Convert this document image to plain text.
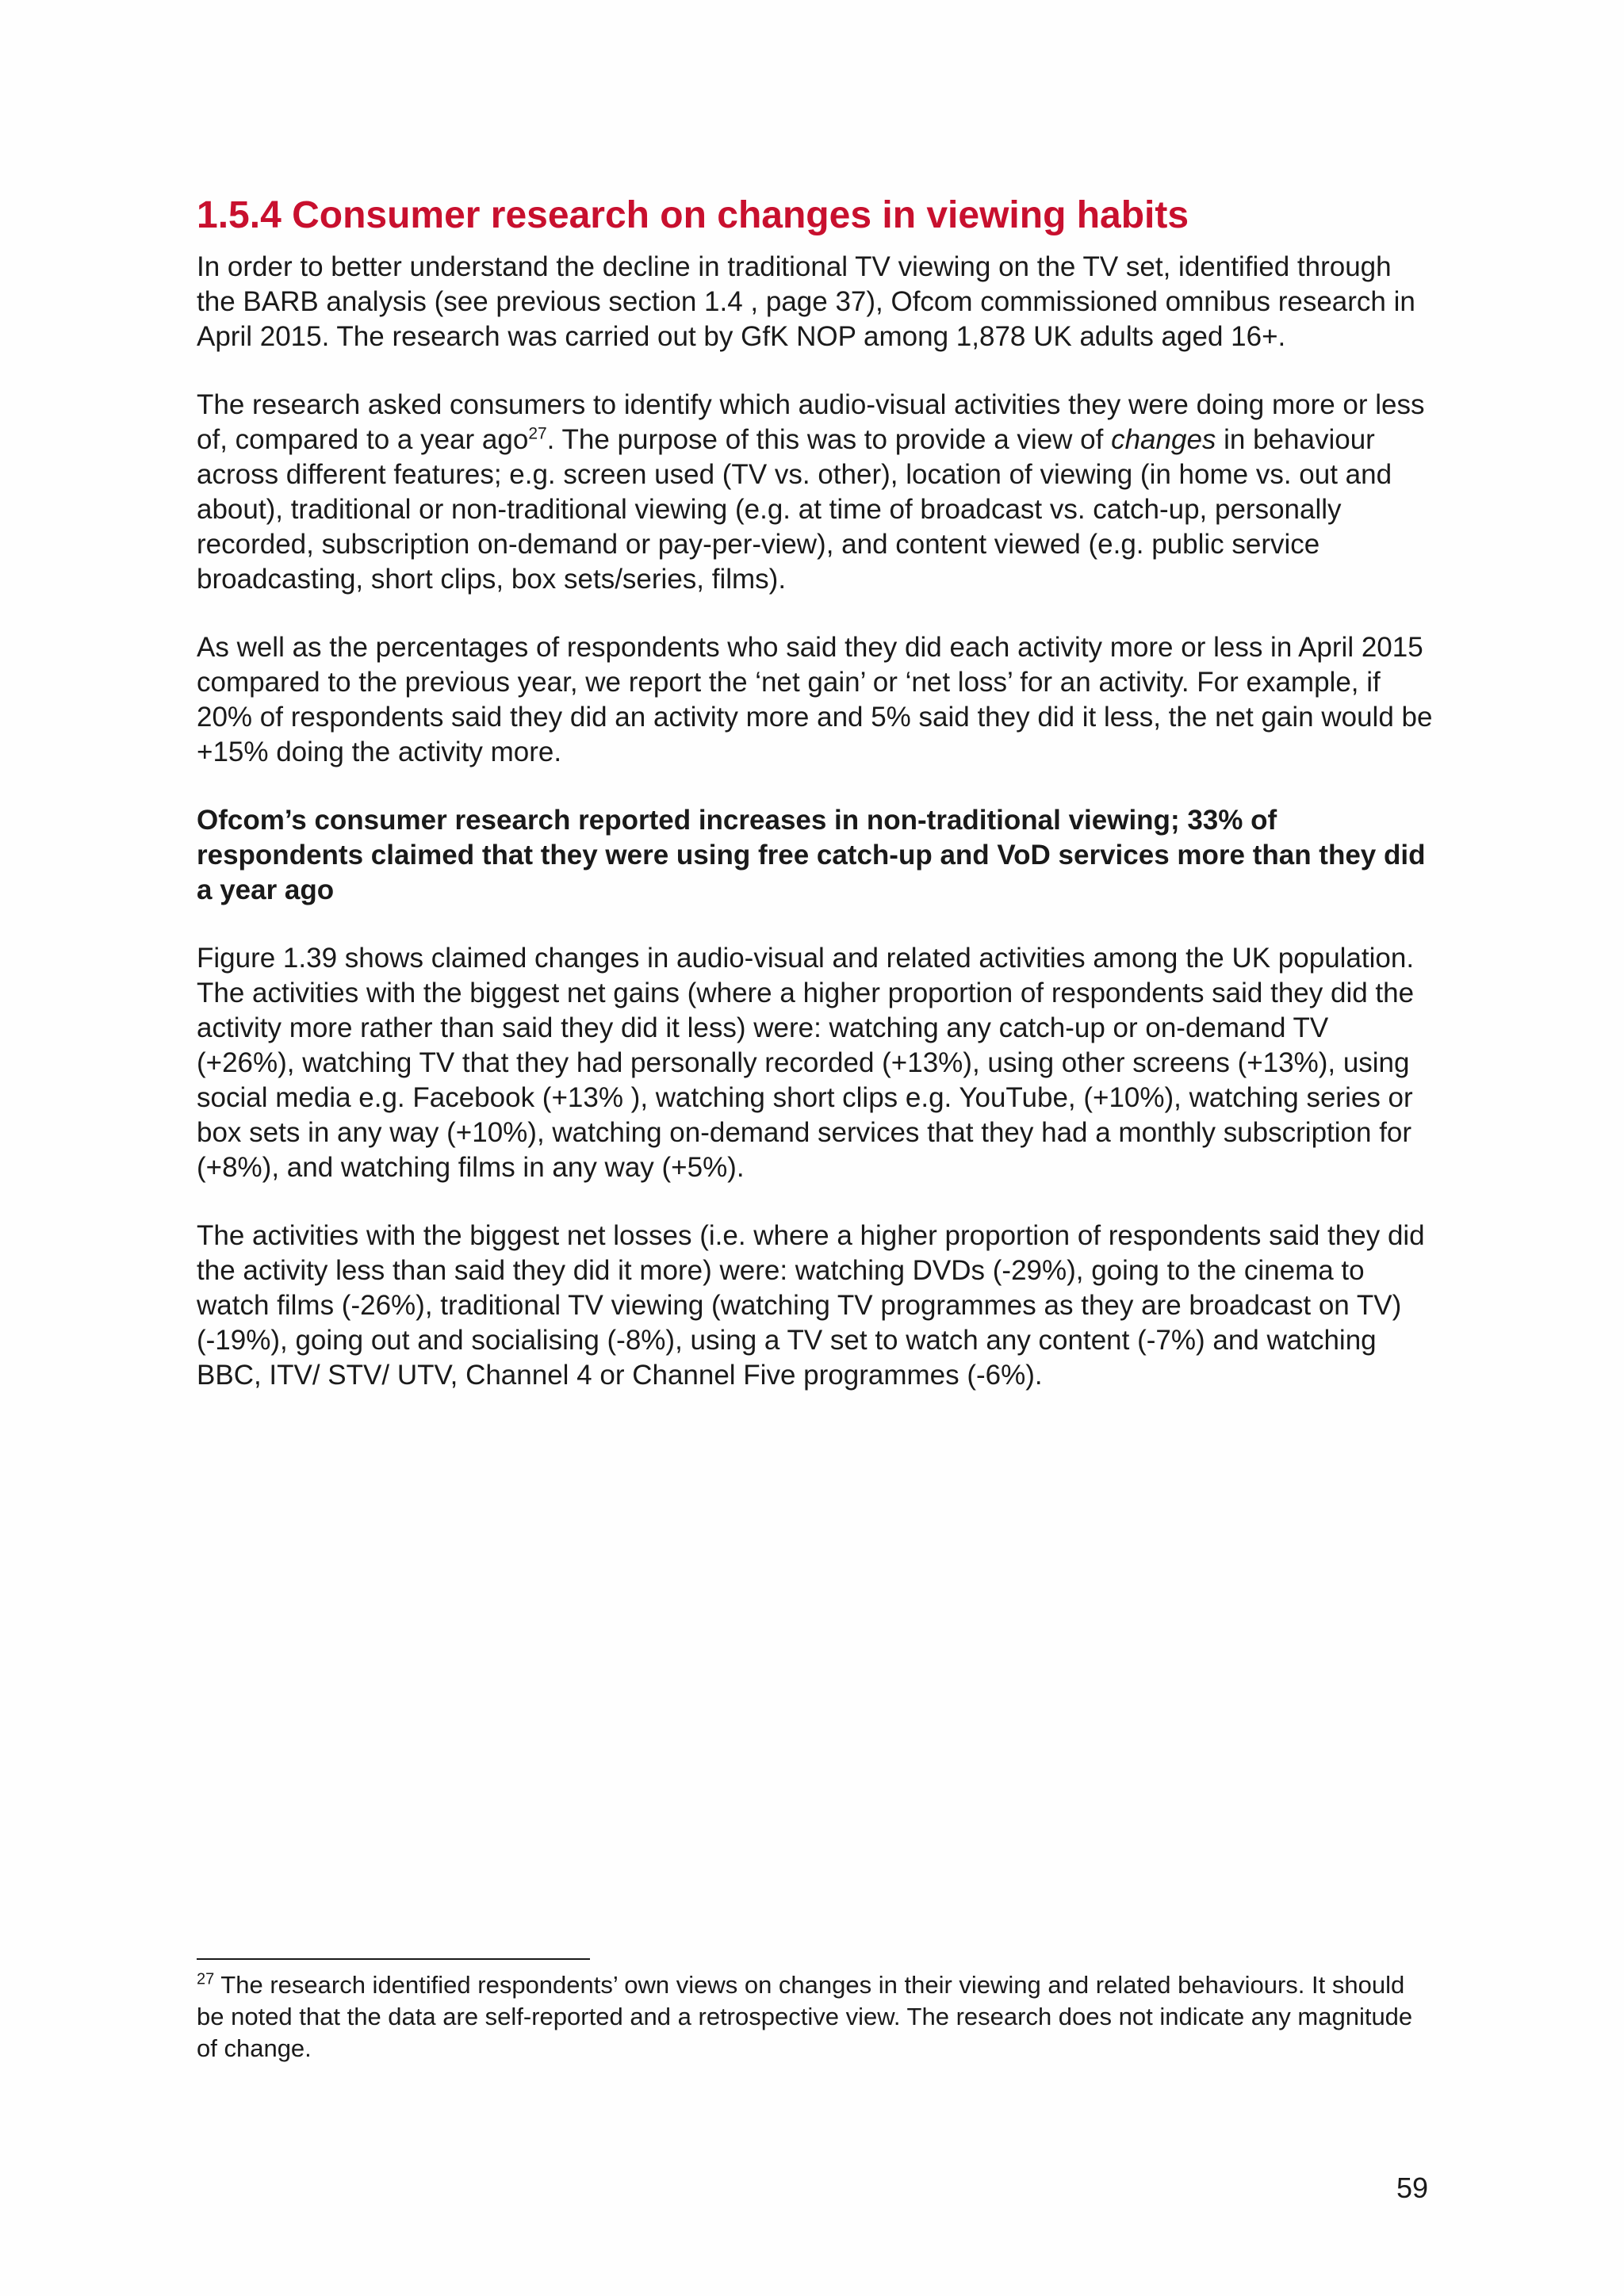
1.5.4 Consumer research on changes in viewing habits

In order to better understand the decline in traditional TV viewing on the TV set, identified through the BARB analysis (see previous section 1.4 , page 37), Ofcom commissioned omnibus research in April 2015. The research was carried out by GfK NOP among 1,878 UK adults aged 16+.

The research asked consumers to identify which audio-visual activities they were doing more or less of, compared to a year ago$^{27}$. The purpose of this was to provide a view of changes in behaviour across different features; e.g. screen used (TV vs. other), location of viewing (in home vs. out and about), traditional or non-traditional viewing (e.g. at time of broadcast vs. catch-up, personally recorded, subscription on-demand or pay-per-view), and content viewed (e.g. public service broadcasting, short clips, box sets/series, films).

As well as the percentages of respondents who said they did each activity more or less in April 2015 compared to the previous year, we report the ‘net gain’ or ‘net loss’ for an activity. For example, if 20% of respondents said they did an activity more and 5% said they did it less, the net gain would be +15% doing the activity more.

Ofcom’s consumer research reported increases in non-traditional viewing; 33% of respondents claimed that they were using free catch-up and VoD services more than they did a year ago

Figure 1.39 shows claimed changes in audio-visual and related activities among the UK population. The activities with the biggest net gains (where a higher proportion of respondents said they did the activity more rather than said they did it less) were: watching any catch-up or on-demand TV (+26%), watching TV that they had personally recorded (+13%), using other screens (+13%), using social media e.g. Facebook (+13% ), watching short clips e.g. YouTube, (+10%), watching series or box sets in any way (+10%), watching on-demand services that they had a monthly subscription for (+8%), and watching films in any way (+5%).

The activities with the biggest net losses (i.e. where a higher proportion of respondents said they did the activity less than said they did it more) were: watching DVDs (-29%), going to the cinema to watch films (-26%), traditional TV viewing (watching TV programmes as they are broadcast on TV) (-19%), going out and socialising (-8%), using a TV set to watch any content (-7%) and watching BBC, ITV/ STV/ UTV, Channel 4 or Channel Five programmes (-6%).

$^{27}$ The research identified respondents’ own views on changes in their viewing and related behaviours. It should be noted that the data are self-reported and a retrospective view. The research does not indicate any magnitude of change.
59
